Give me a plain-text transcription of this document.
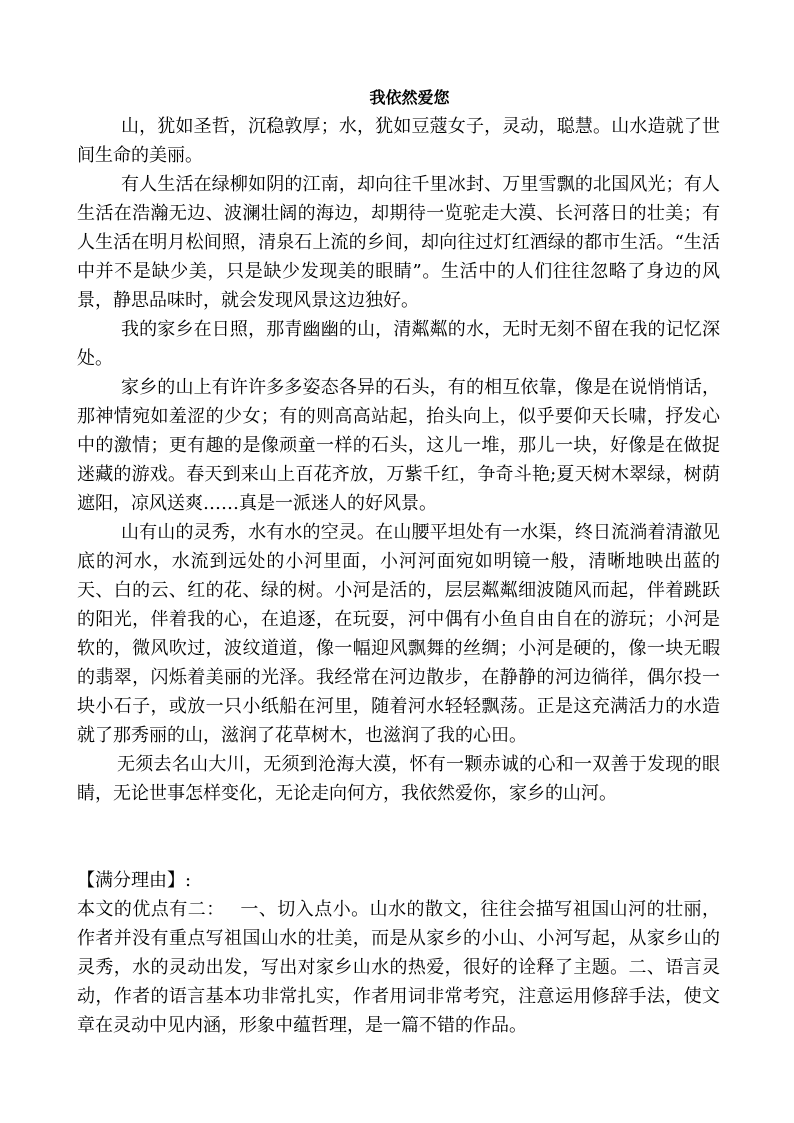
我依然爱您

山，犹如圣哲，沉稳敦厚；水，犹如豆蔻女子，灵动，聪慧。山水造就了世间生命的美丽。

有人生活在绿柳如阴的江南，却向往千里冰封、万里雪飘的北国风光；有人生活在浩瀚无边、波澜壮阔的海边，却期待一览驼走大漠、长河落日的壮美；有人生活在明月松间照，清泉石上流的乡间，却向往过灯红酒绿的都市生活。“生活中并不是缺少美，只是缺少发现美的眼睛”。生活中的人们往往忽略了身边的风景，静思品味时，就会发现风景这边独好。

我的家乡在日照，那青幽幽的山，清粼粼的水，无时无刻不留在我的记忆深处。

家乡的山上有许许多多姿态各异的石头，有的相互依靠，像是在说悄悄话，那神情宛如羞涩的少女；有的则高高站起，抬头向上，似乎要仰天长啸，抒发心中的激情；更有趣的是像顽童一样的石头，这儿一堆，那儿一块，好像是在做捉迷藏的游戏。春天到来山上百花齐放，万紫千红，争奇斗艳;夏天树木翠绿，树荫遮阳，凉风送爽……真是一派迷人的好风景。

山有山的灵秀，水有水的空灵。在山腰平坦处有一水渠，终日流淌着清澈见底的河水，水流到远处的小河里面，小河河面宛如明镜一般，清晰地映出蓝的天、白的云、红的花、绿的树。小河是活的，层层粼粼细波随风而起，伴着跳跃的阳光，伴着我的心，在追逐，在玩耍，河中偶有小鱼自由自在的游玩；小河是软的，微风吹过，波纹道道，像一幅迎风飘舞的丝绸；小河是硬的，像一块无暇的翡翠，闪烁着美丽的光泽。我经常在河边散步，在静静的河边徜徉，偶尔投一块小石子，或放一只小纸船在河里，随着河水轻轻飘荡。正是这充满活力的水造就了那秀丽的山，滋润了花草树木，也滋润了我的心田。

无须去名山大川，无须到沧海大漠，怀有一颗赤诚的心和一双善于发现的眼睛，无论世事怎样变化，无论走向何方，我依然爱你，家乡的山河。

【满分理由】:

本文的优点有二：　 一、切入点小。山水的散文，往往会描写祖国山河的壮丽，作者并没有重点写祖国山水的壮美，而是从家乡的小山、小河写起，从家乡山的灵秀，水的灵动出发，写出对家乡山水的热爱，很好的诠释了主题。二、语言灵动，作者的语言基本功非常扎实，作者用词非常考究，注意运用修辞手法，使文章在灵动中见内涵，形象中蕴哲理，是一篇不错的作品。
